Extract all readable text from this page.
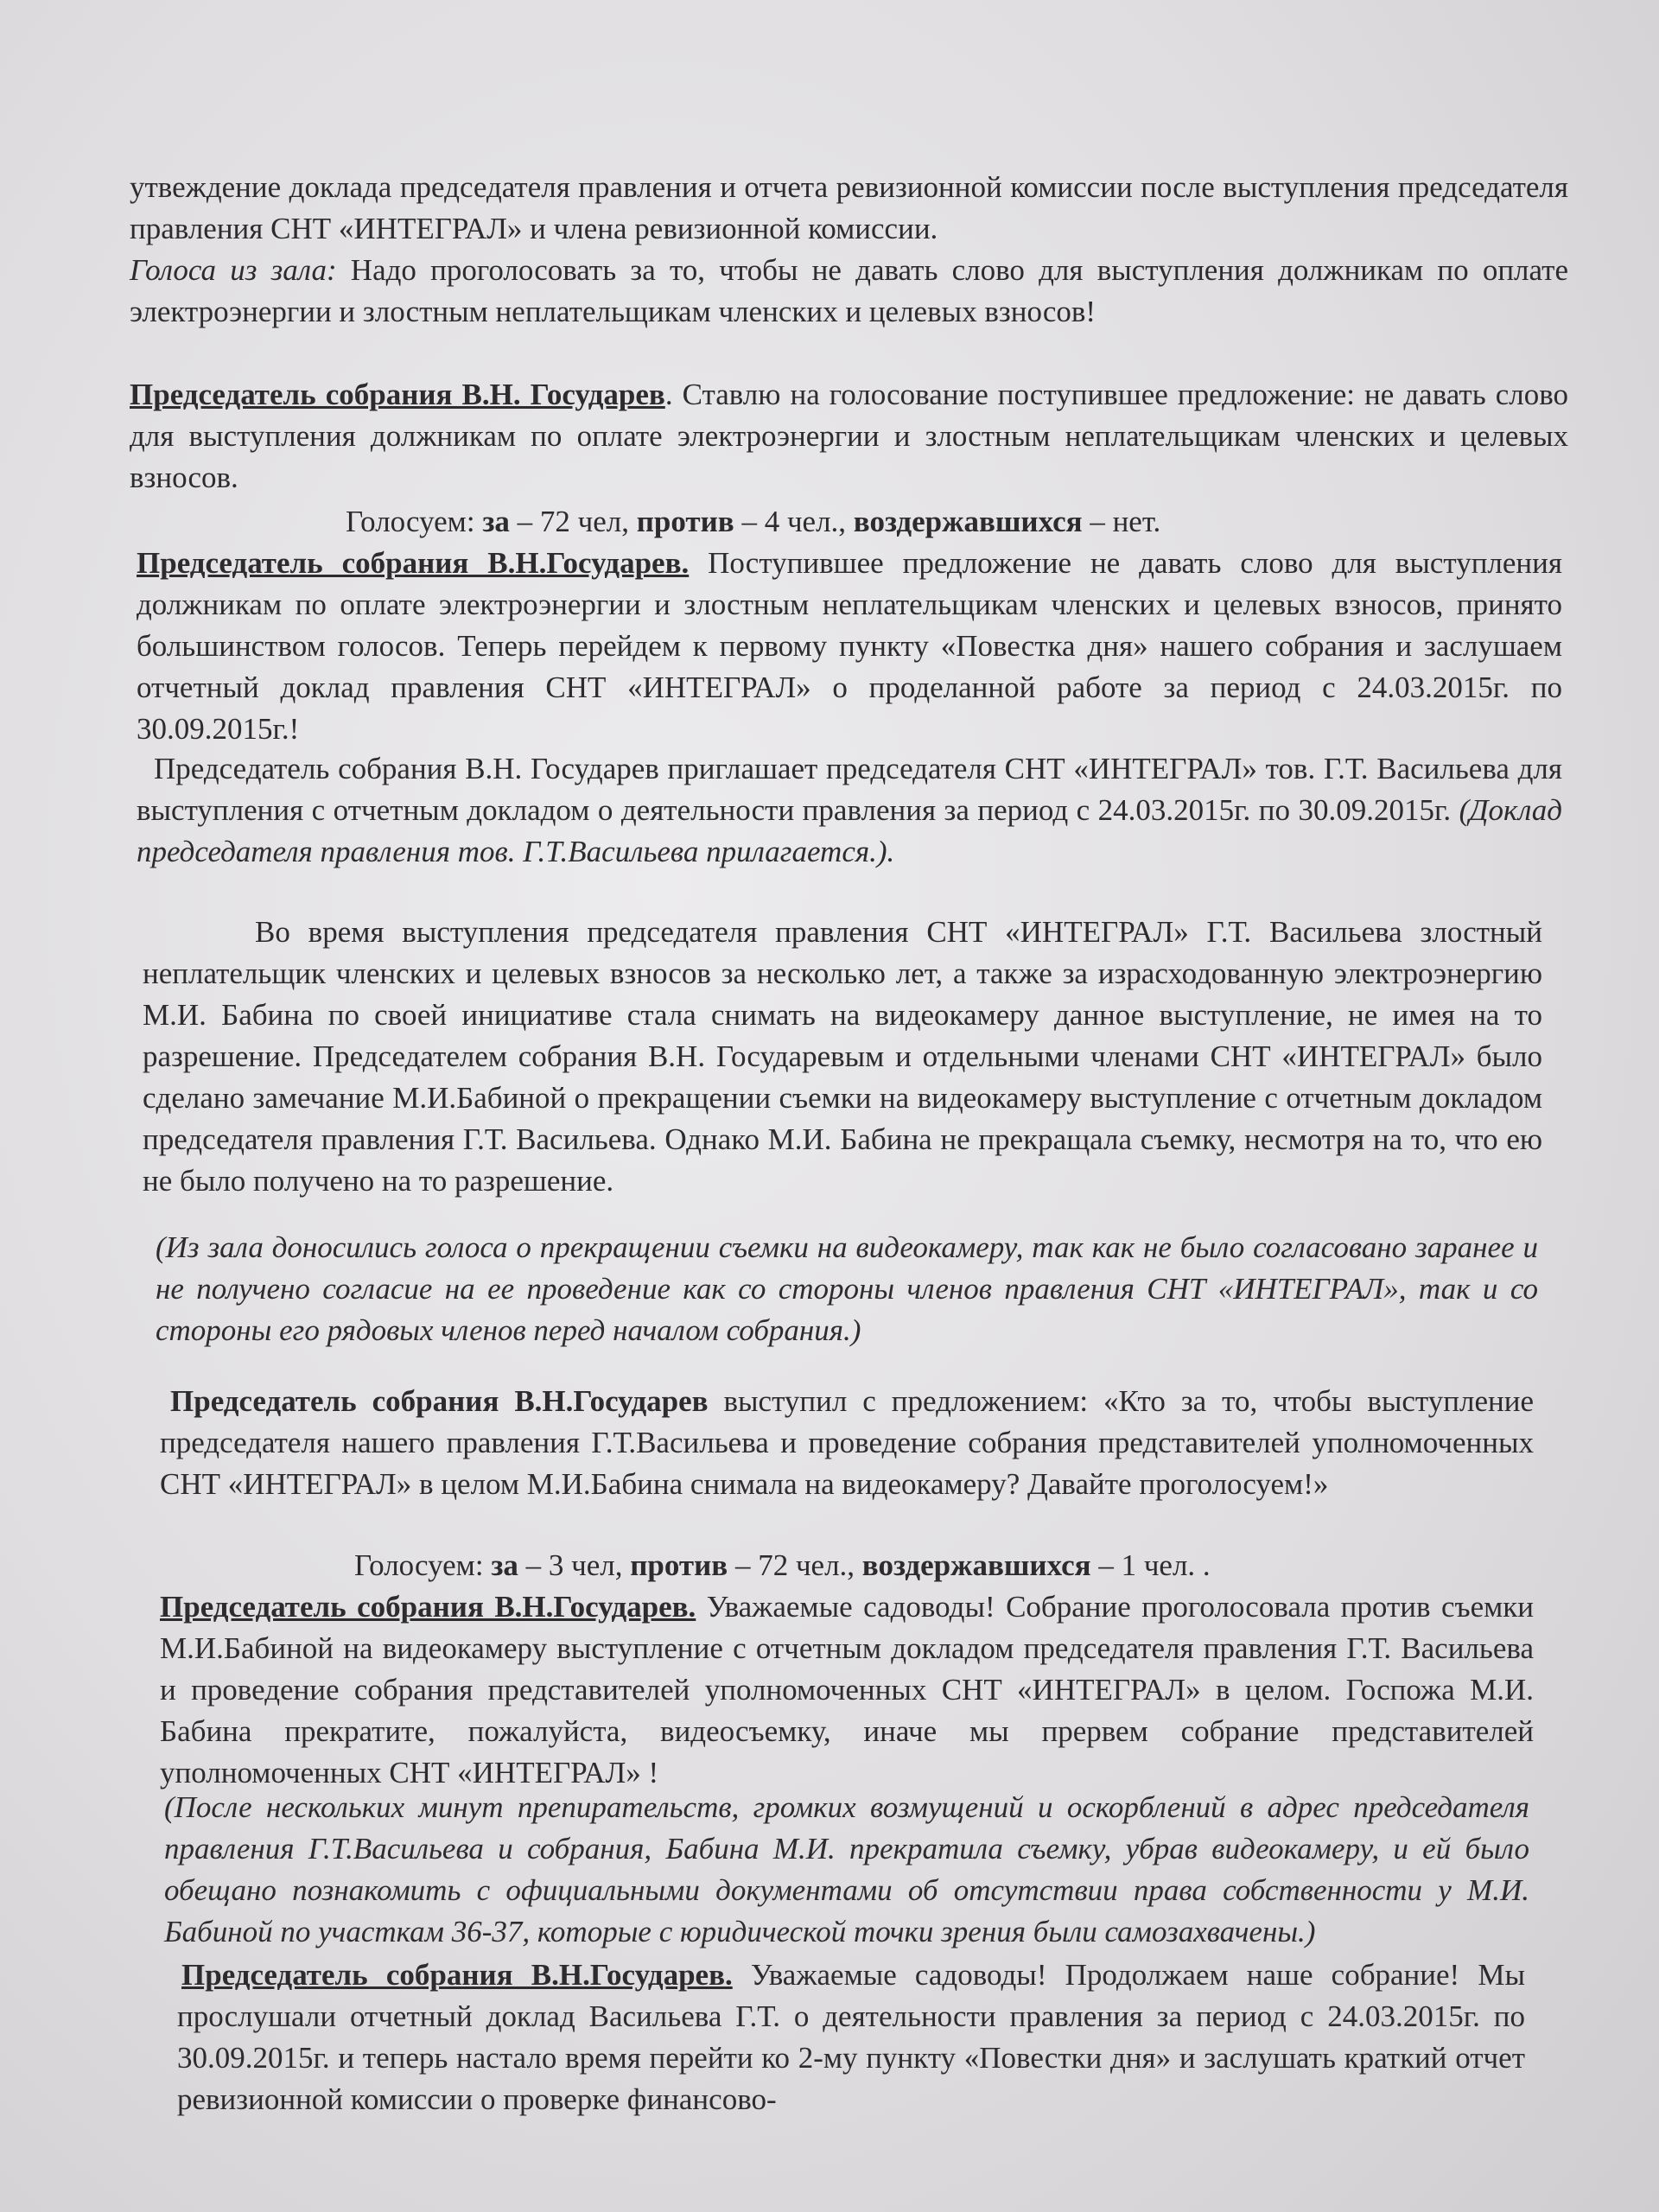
утвеждение доклада председателя правления и отчета ревизионной комиссии после выступления председателя правления СНТ «ИНТЕГРАЛ» и члена ревизионной комиссии.

Голоса из зала: Надо проголосовать за то, чтобы не давать слово для выступления должникам по оплате электроэнергии и злостным неплательщикам членских и целевых взносов!

Председатель собрания В.Н. Государев. Ставлю на голосование поступившее предложение: не давать слово для выступления должникам по оплате электроэнергии и злостным неплательщикам членских и целевых взносов.

Голосуем: за – 72 чел, против – 4 чел., воздержавшихся – нет.

Председатель собрания В.Н.Государев. Поступившее предложение не давать слово для выступления должникам по оплате электроэнергии и злостным неплательщикам членских и целевых взносов, принято большинством голосов. Теперь перейдем к первому пункту «Повестка дня» нашего собрания и заслушаем отчетный доклад правления СНТ «ИНТЕГРАЛ» о проделанной работе за период с 24.03.2015г. по 30.09.2015г.!

Председатель собрания В.Н. Государев приглашает председателя СНТ «ИНТЕГРАЛ» тов. Г.Т. Васильева для выступления с отчетным докладом о деятельности правления за период с 24.03.2015г. по 30.09.2015г. (Доклад председателя правления тов. Г.Т.Васильева прилагается.).

Во время выступления председателя правления СНТ «ИНТЕГРАЛ» Г.Т. Васильева злостный неплательщик членских и целевых взносов за несколько лет, а также за израсходованную электроэнергию М.И. Бабина по своей инициативе стала снимать на видеокамеру данное выступление, не имея на то разрешение. Председателем собрания В.Н. Государевым и отдельными членами СНТ «ИНТЕГРАЛ» было сделано замечание М.И.Бабиной о прекращении съемки на видеокамеру выступление с отчетным докладом председателя правления Г.Т. Васильева. Однако М.И. Бабина не прекращала съемку, несмотря на то, что ею не было получено на то разрешение.

(Из зала доносились голоса о прекращении съемки на видеокамеру, так как не было согласовано заранее и не получено согласие на ее проведение как со стороны членов правления СНТ «ИНТЕГРАЛ», так и со стороны его рядовых членов перед началом собрания.)

Председатель собрания В.Н.Государев выступил с предложением: «Кто за то, чтобы выступление председателя нашего правления Г.Т.Васильева и проведение собрания представителей уполномоченных СНТ «ИНТЕГРАЛ» в целом М.И.Бабина снимала на видеокамеру? Давайте проголосуем!»

Голосуем: за – 3 чел, против – 72 чел., воздержавшихся – 1 чел. .

Председатель собрания В.Н.Государев. Уважаемые садоводы! Собрание проголосовала против съемки М.И.Бабиной на видеокамеру выступление с отчетным докладом председателя правления Г.Т. Васильева и проведение собрания представителей уполномоченных СНТ «ИНТЕГРАЛ» в целом. Госпожа М.И. Бабина прекратите, пожалуйста, видеосъемку, иначе мы прервем собрание представителей уполномоченных СНТ «ИНТЕГРАЛ» !

(После нескольких минут препирательств, громких возмущений и оскорблений в адрес председателя правления Г.Т.Васильева и собрания, Бабина М.И. прекратила съемку, убрав видеокамеру, и ей было обещано познакомить с официальными документами об отсутствии права собственности у М.И. Бабиной по участкам 36-37, которые с юридической точки зрения были самозахвачены.)

Председатель собрания В.Н.Государев. Уважаемые садоводы! Продолжаем наше собрание! Мы прослушали отчетный доклад Васильева Г.Т. о деятельности правления за период с 24.03.2015г. по 30.09.2015г. и теперь настало время перейти ко 2-му пункту «Повестки дня» и заслушать краткий отчет ревизионной комиссии о проверке финансово-
